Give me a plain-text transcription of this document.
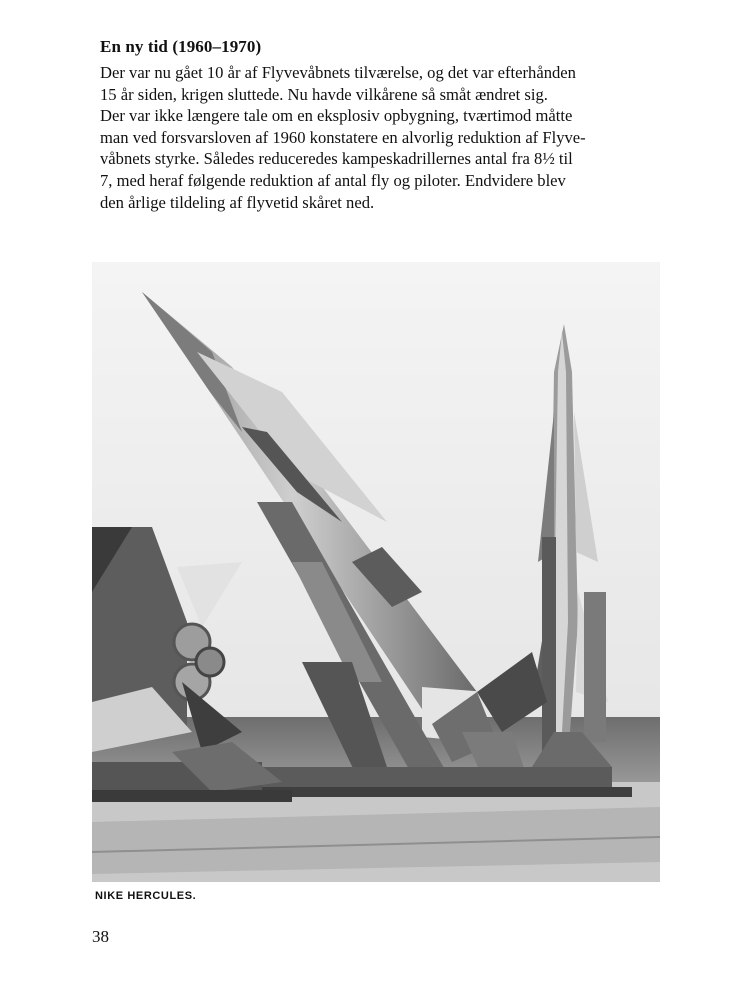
En ny tid (1960–1970)
Der var nu gået 10 år af Flyvevåbnets tilværelse, og det var efterhånden
15 år siden, krigen sluttede. Nu havde vilkårene så småt ændret sig.
Der var ikke længere tale om en eksplosiv opbygning, tværtimod måtte
man ved forsvarsloven af 1960 konstatere en alvorlig reduktion af Flyve-
våbnets styrke. Således reduceredes kampeskadrillernes antal fra 8½ til
7, med heraf følgende reduktion af antal fly og piloter. Endvidere blev
den årlige tildeling af flyvetid skåret ned.
NIKE HERCULES.
38
